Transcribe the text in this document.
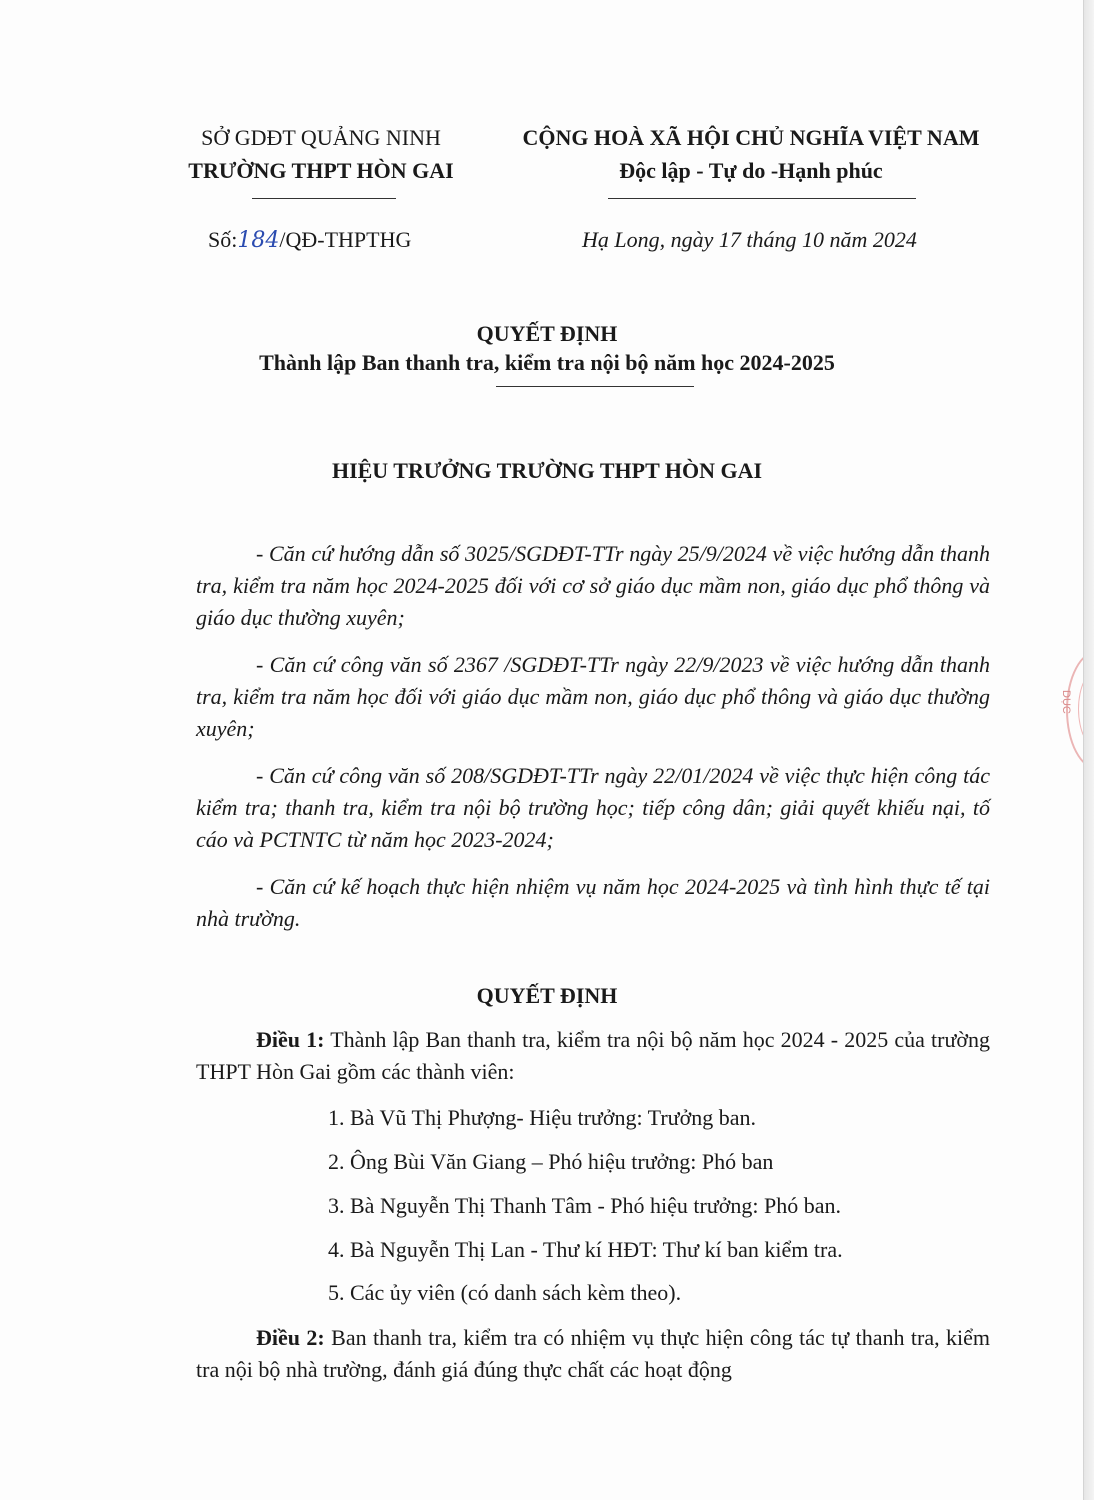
SỞ GDĐT QUẢNG NINH
TRƯỜNG THPT HÒN GAI
CỘNG HOÀ XÃ HỘI CHỦ NGHĨA VIỆT NAM
Độc lập - Tự do -Hạnh phúc
Số:184/QĐ-THPTHG	Hạ Long, ngày 17 tháng 10 năm 2024
QUYẾT ĐỊNH
Thành lập Ban thanh tra, kiểm tra nội bộ năm học 2024-2025
HIỆU TRƯỞNG TRƯỜNG THPT HÒN GAI
- Căn cứ hướng dẫn số 3025/SGDĐT-TTr ngày 25/9/2024 về việc hướng dẫn thanh tra, kiểm tra năm học 2024-2025 đối với cơ sở giáo dục mầm non, giáo dục phổ thông và giáo dục thường xuyên;
- Căn cứ công văn số 2367 /SGDĐT-TTr ngày 22/9/2023 về việc hướng dẫn thanh tra, kiểm tra năm học đối với giáo dục mầm non, giáo dục phổ thông và giáo dục thường xuyên;
- Căn cứ công văn số 208/SGDĐT-TTr ngày 22/01/2024 về việc thực hiện công tác kiểm tra; thanh tra, kiểm tra nội bộ trường học; tiếp công dân; giải quyết khiếu nại, tố cáo và PCTNTC từ năm học 2023-2024;
- Căn cứ kế hoạch thực hiện nhiệm vụ năm học 2024-2025 và tình hình thực tế tại nhà trường.
QUYẾT ĐỊNH
Điều 1: Thành lập Ban thanh tra, kiểm tra nội bộ năm học 2024 - 2025 của trường THPT Hòn Gai gồm các thành viên:
1. Bà Vũ Thị Phượng- Hiệu trưởng: Trưởng ban.
2. Ông Bùi Văn Giang – Phó hiệu trưởng: Phó ban
3. Bà Nguyễn Thị Thanh Tâm - Phó hiệu trưởng: Phó ban.
4. Bà Nguyễn Thị Lan - Thư kí HĐT: Thư kí ban kiểm tra.
5. Các ủy viên (có danh sách kèm theo).
Điều 2: Ban thanh tra, kiểm tra có nhiệm vụ thực hiện công tác tự thanh tra, kiểm tra nội bộ nhà trường, đánh giá đúng thực chất các hoạt động
DỤC
